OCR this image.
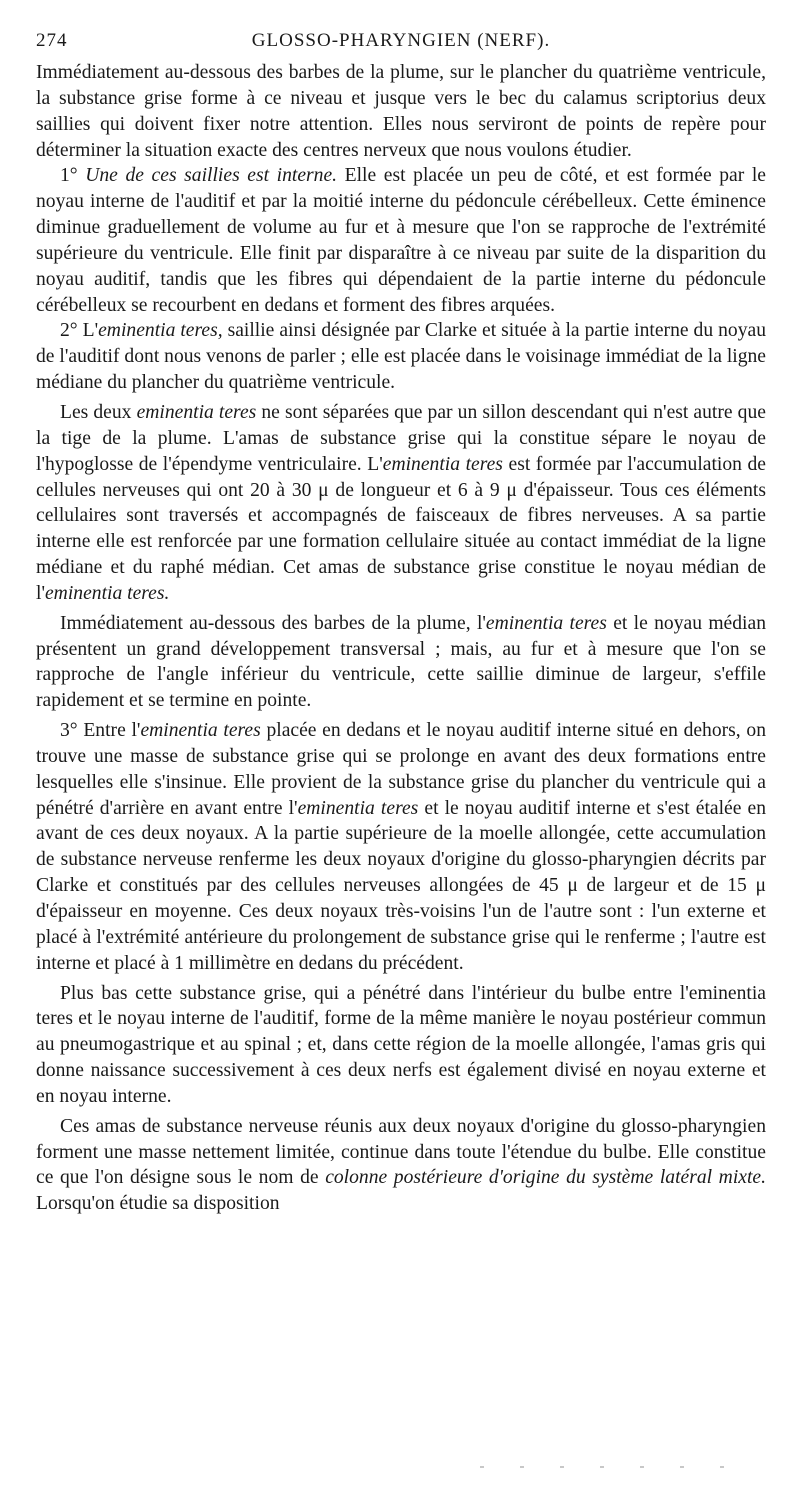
274	GLOSSO-PHARYNGIEN (NERF).

Immédiatement au-dessous des barbes de la plume, sur le plancher du quatrième ventricule, la substance grise forme à ce niveau et jusque vers le bec du calamus scriptorius deux saillies qui doivent fixer notre attention. Elles nous serviront de points de repère pour déterminer la situation exacte des centres nerveux que nous voulons étudier.

1° Une de ces saillies est interne. Elle est placée un peu de côté, et est formée par le noyau interne de l'auditif et par la moitié interne du pédoncule cérébelleux. Cette éminence diminue graduellement de volume au fur et à mesure que l'on se rapproche de l'extrémité supérieure du ventricule. Elle finit par disparaître à ce niveau par suite de la disparition du noyau auditif, tandis que les fibres qui dépendaient de la partie interne du pédoncule cérébelleux se recourbent en dedans et forment des fibres arquées.

2° L'eminentia teres, saillie ainsi désignée par Clarke et située à la partie interne du noyau de l'auditif dont nous venons de parler ; elle est placée dans le voisinage immédiat de la ligne médiane du plancher du quatrième ventricule.

Les deux eminentia teres ne sont séparées que par un sillon descendant qui n'est autre que la tige de la plume. L'amas de substance grise qui la constitue sépare le noyau de l'hypoglosse de l'épendyme ventriculaire. L'eminentia teres est formée par l'accumulation de cellules nerveuses qui ont 20 à 30 μ de longueur et 6 à 9 μ d'épaisseur. Tous ces éléments cellulaires sont traversés et accompagnés de faisceaux de fibres nerveuses. A sa partie interne elle est renforcée par une formation cellulaire située au contact immédiat de la ligne médiane et du raphé médian. Cet amas de substance grise constitue le noyau médian de l'eminentia teres.

Immédiatement au-dessous des barbes de la plume, l'eminentia teres et le noyau médian présentent un grand développement transversal ; mais, au fur et à mesure que l'on se rapproche de l'angle inférieur du ventricule, cette saillie diminue de largeur, s'effile rapidement et se termine en pointe.

3° Entre l'eminentia teres placée en dedans et le noyau auditif interne situé en dehors, on trouve une masse de substance grise qui se prolonge en avant des deux formations entre lesquelles elle s'insinue. Elle provient de la substance grise du plancher du ventricule qui a pénétré d'arrière en avant entre l'eminentia teres et le noyau auditif interne et s'est étalée en avant de ces deux noyaux. A la partie supérieure de la moelle allongée, cette accumulation de substance nerveuse renferme les deux noyaux d'origine du glosso-pharyngien décrits par Clarke et constitués par des cellules nerveuses allongées de 45 μ de largeur et de 15 μ d'épaisseur en moyenne. Ces deux noyaux très-voisins l'un de l'autre sont : l'un externe et placé à l'extrémité antérieure du prolongement de substance grise qui le renferme ; l'autre est interne et placé à 1 millimètre en dedans du précédent.

Plus bas cette substance grise, qui a pénétré dans l'intérieur du bulbe entre l'eminentia teres et le noyau interne de l'auditif, forme de la même manière le noyau postérieur commun au pneumogastrique et au spinal ; et, dans cette région de la moelle allongée, l'amas gris qui donne naissance successivement à ces deux nerfs est également divisé en noyau externe et en noyau interne.

Ces amas de substance nerveuse réunis aux deux noyaux d'origine du glosso-pharyngien forment une masse nettement limitée, continue dans toute l'étendue du bulbe. Elle constitue ce que l'on désigne sous le nom de colonne postérieure d'origine du système latéral mixte. Lorsqu'on étudie sa disposition
